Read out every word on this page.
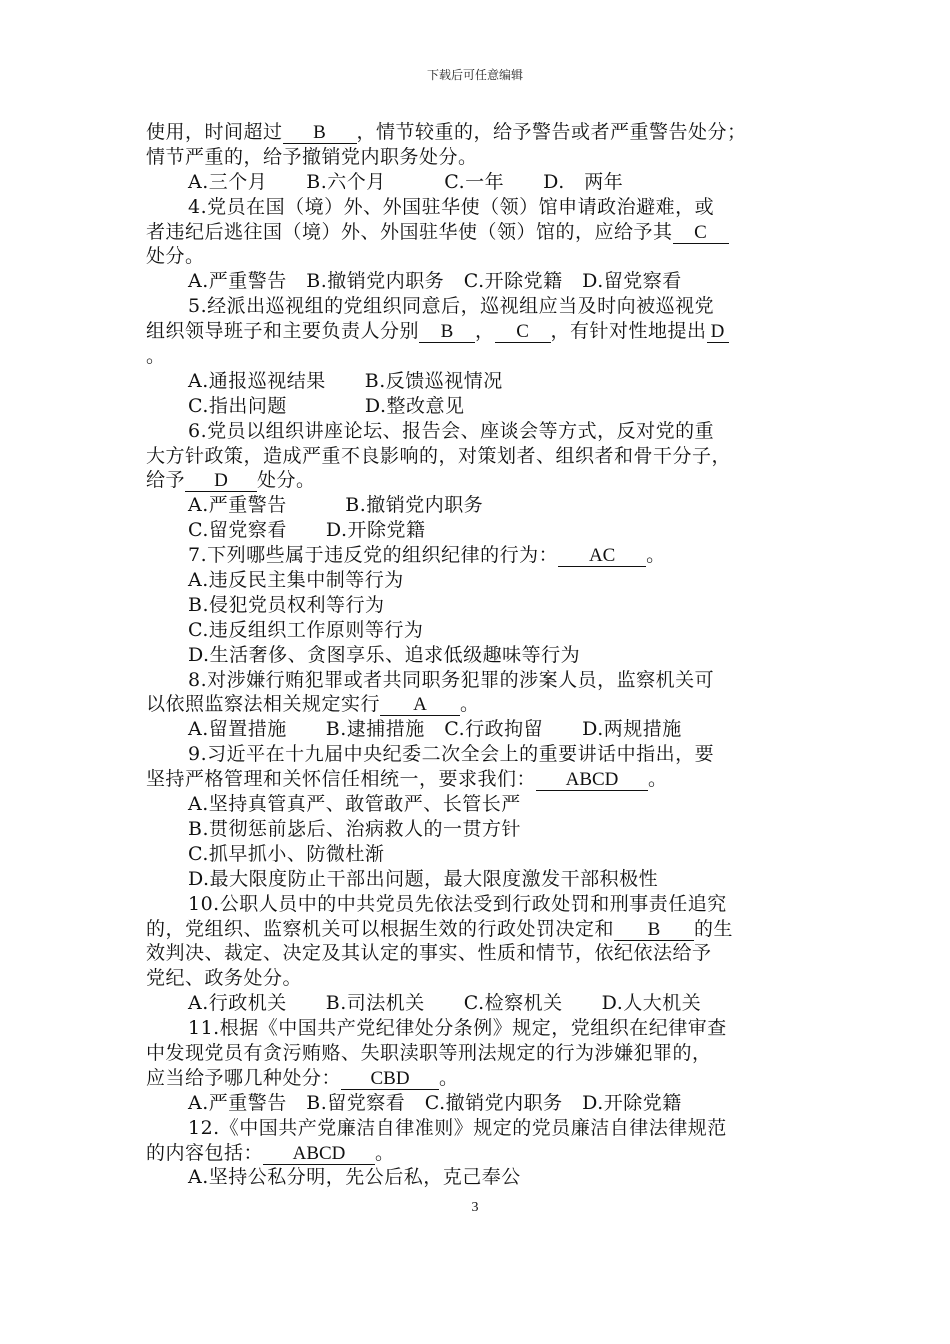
下载后可任意编辑
使用，时间超过 B ，情节较重的，给予警告或者严重警告处分；
情节严重的，给予撤销党内职务处分。
A.三个月　　B.六个月　　　C.一年　　D.　两年
4.党员在国（境）外、外国驻华使（领）馆申请政治避难，或
者违纪后逃往国（境）外、外国驻华使（领）馆的，应给予其 C
处分。
A.严重警告　B.撤销党内职务　C.开除党籍　D.留党察看
5.经派出巡视组的党组织同意后，巡视组应当及时向被巡视党
组织领导班子和主要负责人分别 B ， C ，有针对性地提出 D
。
A.通报巡视结果　　B.反馈巡视情况
C.指出问题　　　　D.整改意见
6.党员以组织讲座论坛、报告会、座谈会等方式，反对党的重
大方针政策，造成严重不良影响的，对策划者、组织者和骨干分子，
给予 D 处分。
A.严重警告　　　B.撤销党内职务
C.留党察看　　D.开除党籍
7.下列哪些属于违反党的组织纪律的行为： AC 。
A.违反民主集中制等行为
B.侵犯党员权利等行为
C.违反组织工作原则等行为
D.生活奢侈、贪图享乐、追求低级趣味等行为
8.对涉嫌行贿犯罪或者共同职务犯罪的涉案人员，监察机关可
以依照监察法相关规定实行 A 。
A.留置措施　　B.逮捕措施　C.行政拘留　　D.两规措施
9.习近平在十九届中央纪委二次全会上的重要讲话中指出，要
坚持严格管理和关怀信任相统一，要求我们： ABCD 。
A.坚持真管真严、敢管敢严、长管长严
B.贯彻惩前毖后、治病救人的一贯方针
C.抓早抓小、防微杜渐
D.最大限度防止干部出问题，最大限度激发干部积极性
10.公职人员中的中共党员先依法受到行政处罚和刑事责任追究
的，党组织、监察机关可以根据生效的行政处罚决定和 B 的生
效判决、裁定、决定及其认定的事实、性质和情节，依纪依法给予
党纪、政务处分。
A.行政机关　　B.司法机关　　C.检察机关　　D.人大机关
11.根据《中国共产党纪律处分条例》规定，党组织在纪律审查
中发现党员有贪污贿赂、失职渎职等刑法规定的行为涉嫌犯罪的，
应当给予哪几种处分： CBD 。
A.严重警告　B.留党察看　C.撤销党内职务　D.开除党籍
12.《中国共产党廉洁自律准则》规定的党员廉洁自律法律规范
的内容包括： ABCD 。
A.坚持公私分明，先公后私，克己奉公
3
